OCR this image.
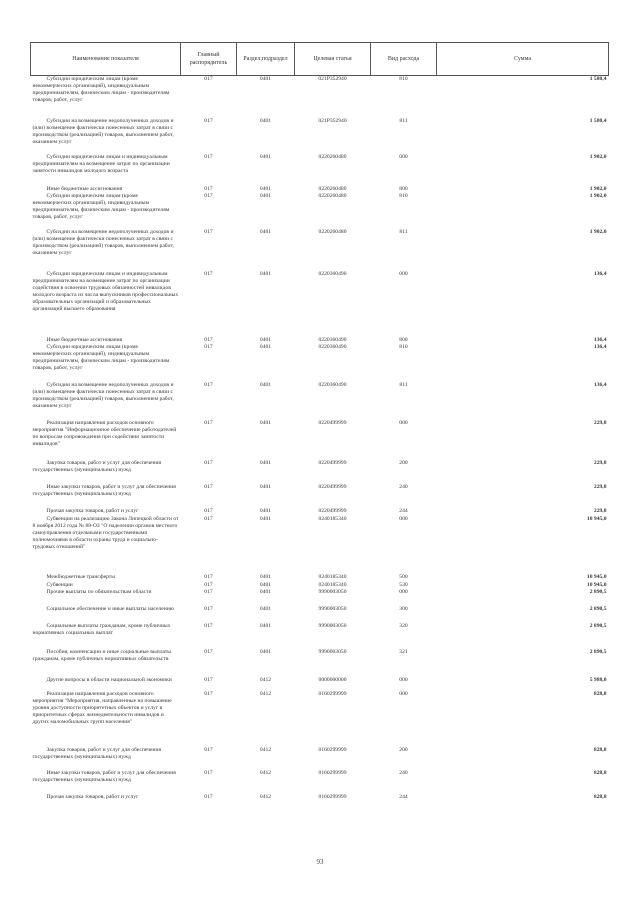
Наименование показателя	Главный распорядитель	Раздел,подраздел	Целевая статья	Вид расхода	Сумма
Субсидии юридическим лицам (кроме некоммерческих организаций), индивидуальным предпринимателям, физическим лицам - производителям товаров, работ, услуг	017	0401	021Р352940	810	1 580,4
Субсидии на возмещение недополученных доходов и (или) возмещение фактически понесенных затрат в связи с производством (реализацией) товаров, выполнением работ, оказанием услуг	017	0401	021Р352940	811	1 580,4
Субсидии юридическим лицам и индивидуальным предпринимателям на возмещение затрат по организации занятости инвалидов молодого возраста	017	0401	0220260480	000	1 902,0
Иные бюджетные ассигнования	017	0401	0220260480	800	1 902,0
Субсидии юридическим лицам (кроме некоммерческих организаций), индивидуальным предпринимателям, физическим лицам - производителям товаров, работ, услуг	017	0401	0220260480	810	1 902,0
Субсидии на возмещение недополученных доходов и (или) возмещение фактически понесенных затрат в связи с производством (реализацией) товаров, выполнением работ, оказанием услуг	017	0401	0220260480	811	1 902,0
Субсидии юридическим лицам и индивидуальным предпринимателям на возмещение затрат по организации содействия в освоении трудовых обязанностей инвалидов молодого возраста из числа выпускников профессиональных образовательных организаций и образовательных организаций высшего образования	017	0401	0220360490	000	136,4
Иные бюджетные ассигнования	017	0401	0220360490	800	136,4
Субсидии юридическим лицам (кроме некоммерческих организаций), индивидуальным предпринимателям, физическим лицам - производителям товаров, работ, услуг	017	0401	0220360490	810	136,4
Субсидии на возмещение недополученных доходов и (или) возмещение фактически понесенных затрат в связи с производством (реализацией) товаров, выполнением работ, оказанием услуг	017	0401	0220360490	811	136,4
Реализация направления расходов основного мероприятия "Информационное обеспечение работодателей по вопросам сопровождения при содействии занятости инвалидов"	017	0401	0220499999	000	229,8
Закупка товаров, работ и услуг для обеспечения государственных (муниципальных) нужд	017	0401	0220499999	200	229,8
Иные закупки товаров, работ и услуг для обеспечения государственных (муниципальных) нужд	017	0401	0220499999	240	229,8
Прочая закупка товаров, работ и услуг	017	0401	0220499999	244	229,8
Субвенции на реализацию Закона Липецкой области от 8 ноября 2012 года № 88-ОЗ "О наделении органов местного самоуправления отдельными государственными полномочиями в области охраны труда и социально-трудовых отношений"	017	0401	0240185340	000	10 945,0
Межбюджетные трансферты	017	0401	0240185340	500	10 945,0
Субвенции	017	0401	0240185340	530	10 945,0
Прочие выплаты по обязательствам области	017	0401	9990003050	000	2 890,5
Социальное обеспечение и иные выплаты населению	017	0401	9990003050	300	2 890,5
Социальные выплаты гражданам, кроме публичных нормативных социальных выплат	017	0401	9990003050	320	2 890,5
Пособия, компенсации и иные социальные выплаты гражданам, кроме публичных нормативных обязательств	017	0401	9990003050	321	2 890,5
Другие вопросы в области национальной экономики	017	0412	0000000000	000	5 988,0
Реализация направления расходов основного мероприятия "Мероприятия, направленные на повышение уровня доступности приоритетных объектов и услуг в приоритетных сферах жизнедеятельности инвалидов и других маломобильных групп населения"	017	0412	0160299999	000	828,8
Закупка товаров, работ и услуг для обеспечения государственных (муниципальных) нужд	017	0412	0160299999	200	828,8
Иные закупки товаров, работ и услуг для обеспечения государственных (муниципальных) нужд	017	0412	0160299999	240	828,8
Прочая закупка товаров, работ и услуг	017	0412	0160299999	244	828,8
93
